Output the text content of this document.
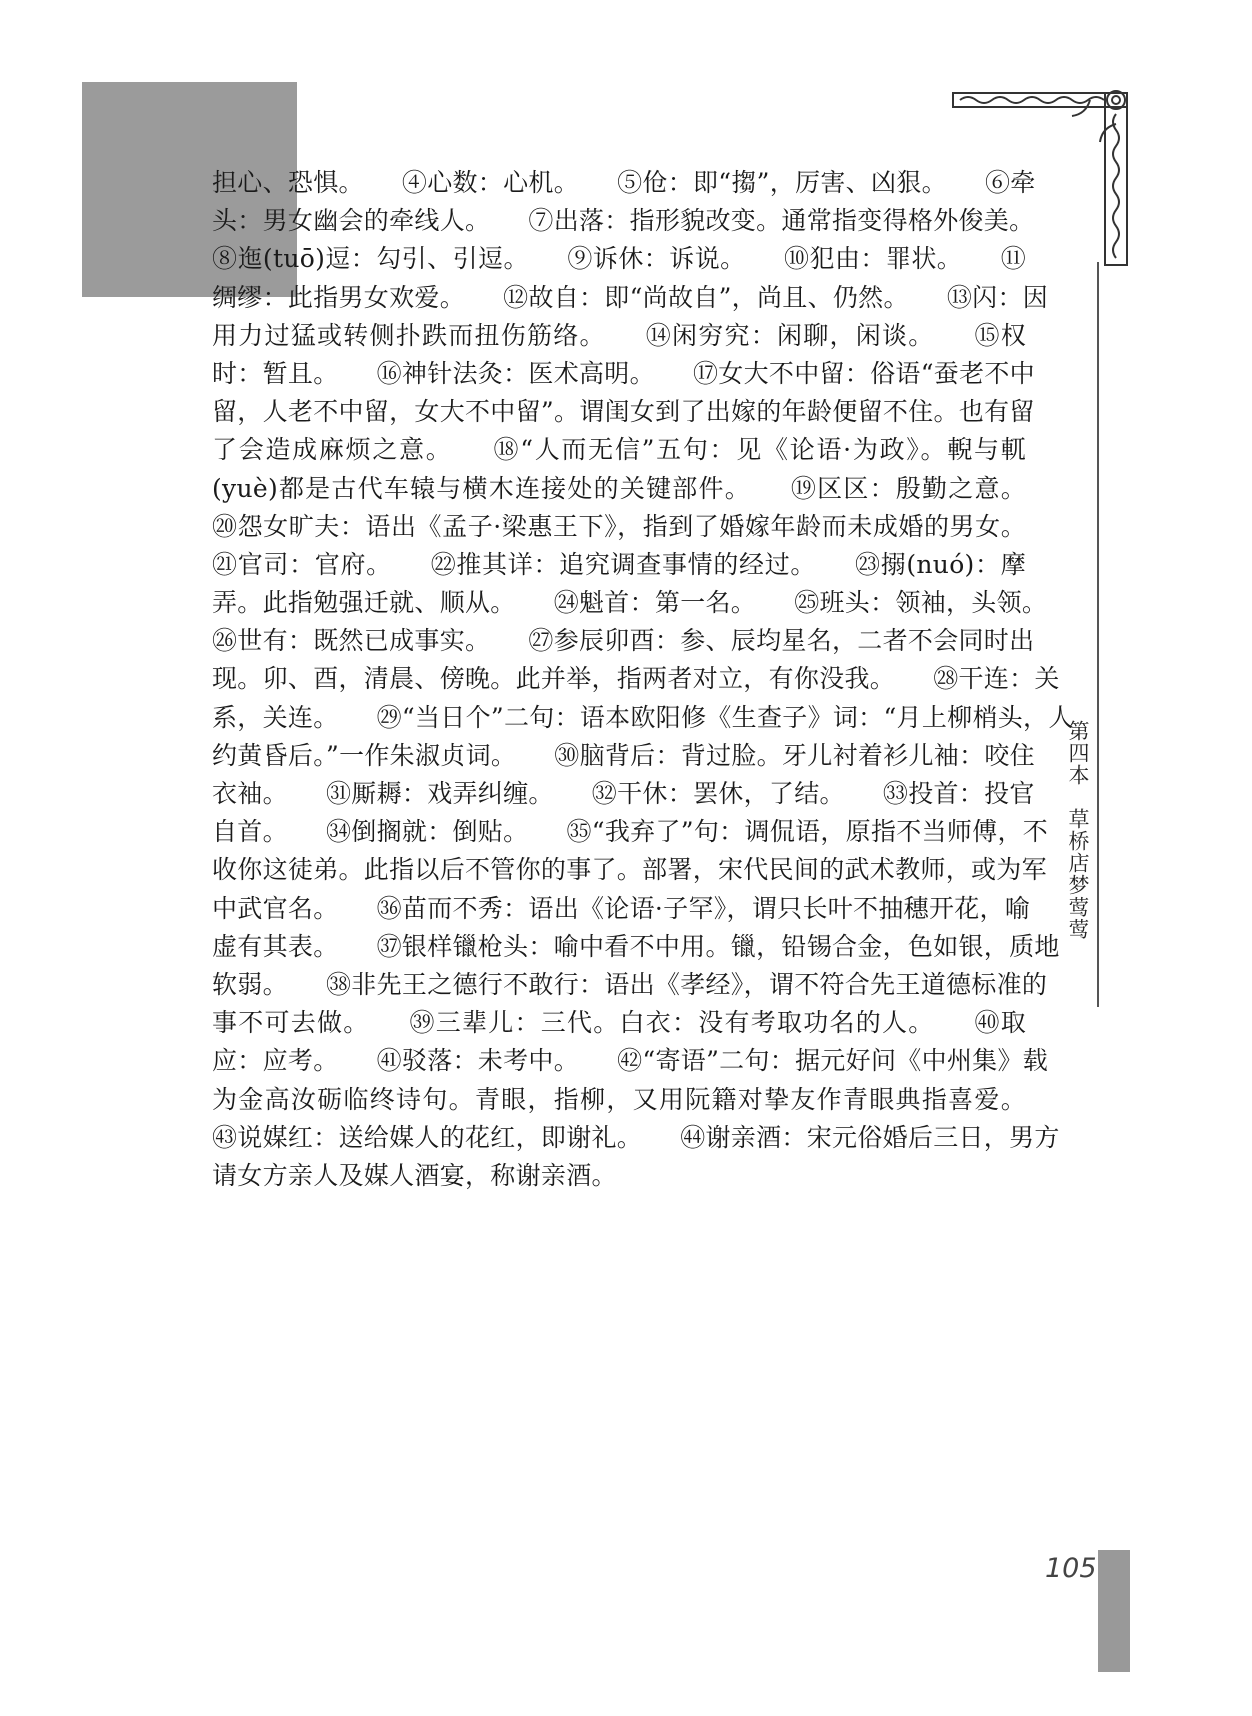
担心、恐惧。　　④心数：心机。　　⑤伧：即“搊”，厉害、凶狠。　　⑥牵
头：男女幽会的牵线人。　　⑦出落：指形貌改变。通常指变得格外俊美。
⑧迤(tuō)逗：勾引、引逗。　　⑨诉休：诉说。　　⑩犯由：罪状。　　⑪
绸缪：此指男女欢爱。　　⑫故自：即“尚故自”，尚且、仍然。　　⑬闪：因
用力过猛或转侧扑跌而扭伤筋络。　　⑭闲穷究：闲聊，闲谈。　　⑮权
时：暂且。　　⑯神针法灸：医术高明。　　⑰女大不中留：俗语“蚕老不中
留，人老不中留，女大不中留”。谓闺女到了出嫁的年龄便留不住。也有留
了会造成麻烦之意。　　⑱“人而无信”五句：见《论语·为政》。輗与軏
(yuè)都是古代车辕与横木连接处的关键部件。　　⑲区区：殷勤之意。
⑳怨女旷夫：语出《孟子·梁惠王下》，指到了婚嫁年龄而未成婚的男女。
㉑官司：官府。　　㉒推其详：追究调查事情的经过。　　㉓搦(nuó)：摩
弄。此指勉强迁就、顺从。　　㉔魁首：第一名。　　㉕班头：领袖，头领。
㉖世有：既然已成事实。　　㉗参辰卯酉：参、辰均星名，二者不会同时出
现。卯、酉，清晨、傍晚。此并举，指两者对立，有你没我。　　㉘干连：关
系，关连。　　㉙“当日个”二句：语本欧阳修《生查子》词：“月上柳梢头，人
约黄昏后。”一作朱淑贞词。　　㉚脑背后：背过脸。牙儿衬着衫儿袖：咬住
衣袖。　　㉛厮耨：戏弄纠缠。　　㉜干休：罢休，了结。　　㉝投首：投官
自首。　　㉞倒搁就：倒贴。　　㉟“我弃了”句：调侃语，原指不当师傅，不
收你这徒弟。此指以后不管你的事了。部署，宋代民间的武术教师，或为军
中武官名。　　㊱苗而不秀：语出《论语·子罕》，谓只长叶不抽穗开花，喻
虚有其表。　　㊲银样镴枪头：喻中看不中用。镴，铅锡合金，色如银，质地
软弱。　　㊳非先王之德行不敢行：语出《孝经》，谓不符合先王道德标准的
事不可去做。　　㊴三辈儿：三代。白衣：没有考取功名的人。　　㊵取
应：应考。　　㊶驳落：未考中。　　㊷“寄语”二句：据元好问《中州集》载
为金高汝砺临终诗句。青眼，指柳，又用阮籍对挚友作青眼典指喜爱。
㊸说媒红：送给媒人的花红，即谢礼。　　㊹谢亲酒：宋元俗婚后三日，男方
请女方亲人及媒人酒宴，称谢亲酒。
第四本　草桥店梦莺莺
105
